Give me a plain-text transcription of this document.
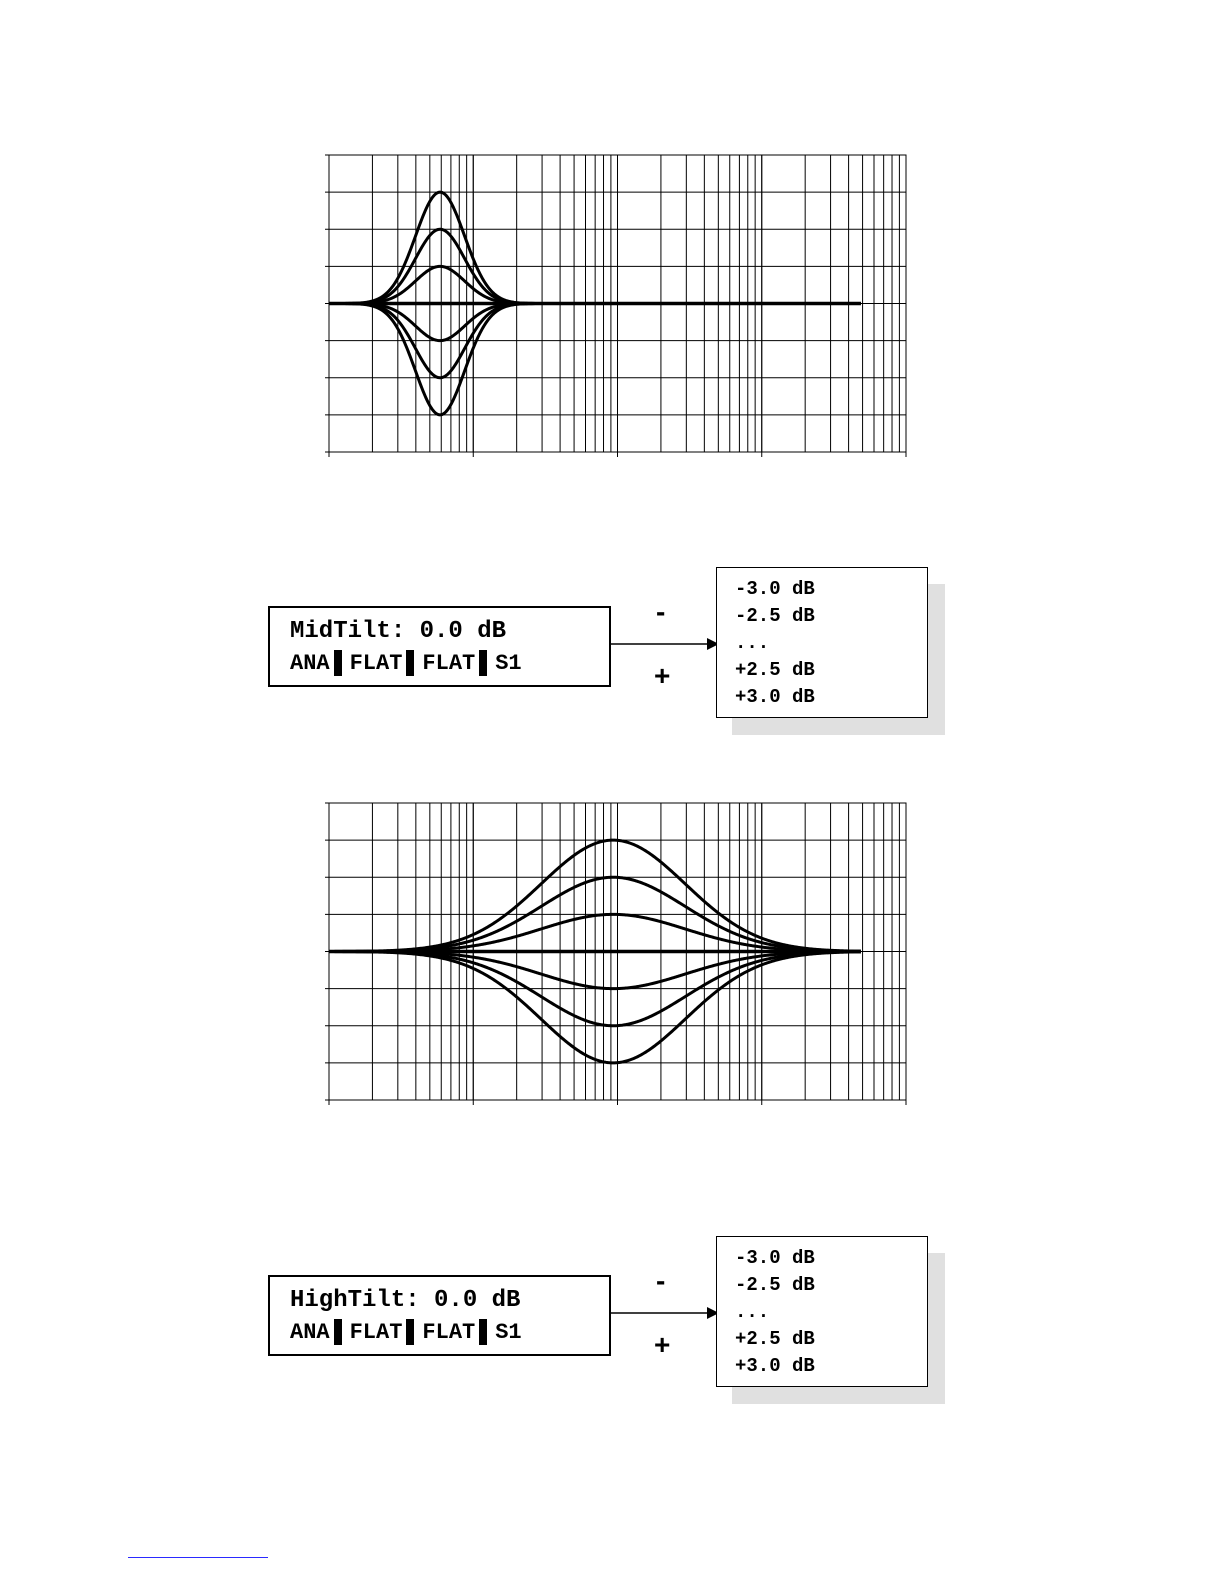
MidTilt: 0.0 dB
ANA FLAT FLAT S1
-
+
-3.0 dB
-2.5 dB
...
+2.5 dB
+3.0 dB
HighTilt: 0.0 dB
ANA FLAT FLAT S1
-
+
-3.0 dB
-2.5 dB
...
+2.5 dB
+3.0 dB
